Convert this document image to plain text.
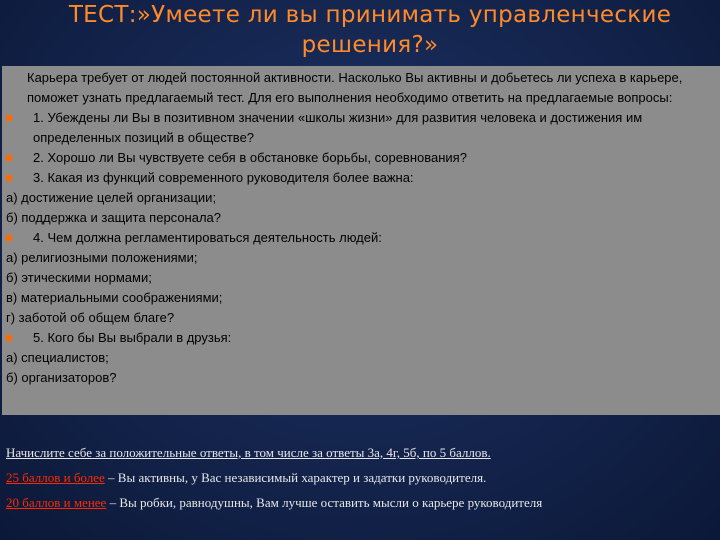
ТЕСТ:»Умеете ли вы принимать управленческие
решения?»

Карьера требует от людей постоянной активности. Насколько Вы активны и добьетесь ли успеха в карьере, поможет узнать предлагаемый тест. Для его выполнения необходимо ответить на предлагаемые вопросы:

1. Убеждены ли Вы в позитивном значении «школы жизни» для развития человека и достижения им определенных позиций в обществе?

2. Хорошо ли Вы чувствуете себя в обстановке борьбы, соревнования?

3. Какая из функций современного руководителя более важна:

а) достижение целей организации;

б) поддержка и защита персонала?

4. Чем должна регламентироваться деятельность людей:

а) религиозными положениями;

б) этическими нормами;

в) материальными соображениями;

г) заботой об общем благе?

5. Кого бы Вы выбрали в друзья:

а) специалистов;

б) организаторов?

Начислите себе за положительные ответы, в том числе за ответы 3а, 4г, 5б, по 5 баллов.
25 баллов и более – Вы активны, у Вас независимый характер и задатки руководителя.
20 баллов и менее – Вы робки, равнодушны, Вам лучше оставить мысли о карьере руководителя
